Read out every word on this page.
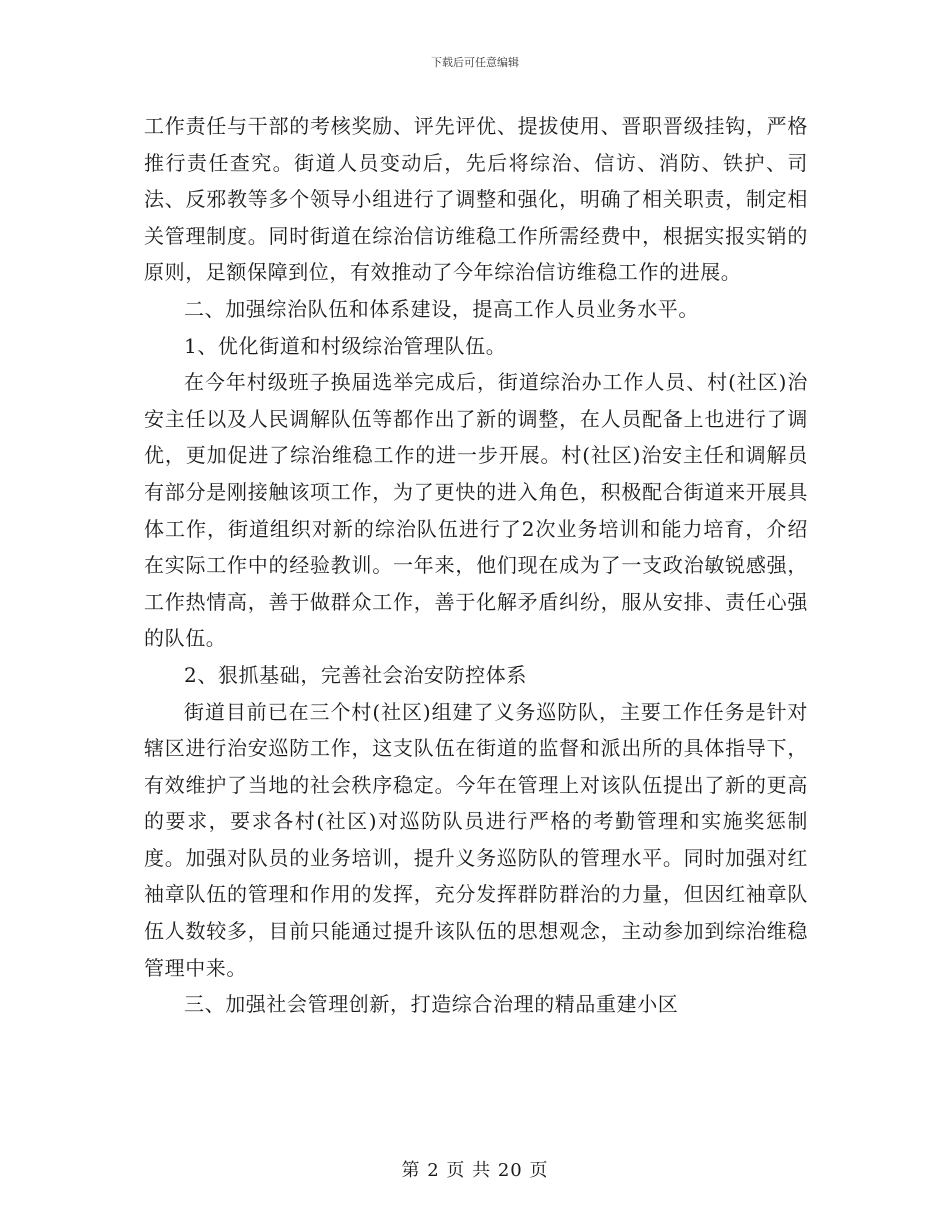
下载后可任意编辑

工作责任与干部的考核奖励、评先评优、提拔使用、晋职晋级挂钩，严格推行责任查究。街道人员变动后，先后将综治、信访、消防、铁护、司法、反邪教等多个领导小组进行了调整和强化，明确了相关职责，制定相关管理制度。同时街道在综治信访维稳工作所需经费中，根据实报实销的原则，足额保障到位，有效推动了今年综治信访维稳工作的进展。

二、加强综治队伍和体系建设，提高工作人员业务水平。

1、优化街道和村级综治管理队伍。

在今年村级班子换届选举完成后，街道综治办工作人员、村(社区)治安主任以及人民调解队伍等都作出了新的调整，在人员配备上也进行了调优，更加促进了综治维稳工作的进一步开展。村(社区)治安主任和调解员有部分是刚接触该项工作，为了更快的进入角色，积极配合街道来开展具体工作，街道组织对新的综治队伍进行了2次业务培训和能力培育，介绍在实际工作中的经验教训。一年来，他们现在成为了一支政治敏锐感强，工作热情高，善于做群众工作，善于化解矛盾纠纷，服从安排、责任心强的队伍。

2、狠抓基础，完善社会治安防控体系

街道目前已在三个村(社区)组建了义务巡防队，主要工作任务是针对辖区进行治安巡防工作，这支队伍在街道的监督和派出所的具体指导下，有效维护了当地的社会秩序稳定。今年在管理上对该队伍提出了新的更高的要求，要求各村(社区)对巡防队员进行严格的考勤管理和实施奖惩制度。加强对队员的业务培训，提升义务巡防队的管理水平。同时加强对红袖章队伍的管理和作用的发挥，充分发挥群防群治的力量，但因红袖章队伍人数较多，目前只能通过提升该队伍的思想观念，主动参加到综治维稳管理中来。

三、加强社会管理创新，打造综合治理的精品重建小区

第 2 页 共 20 页
